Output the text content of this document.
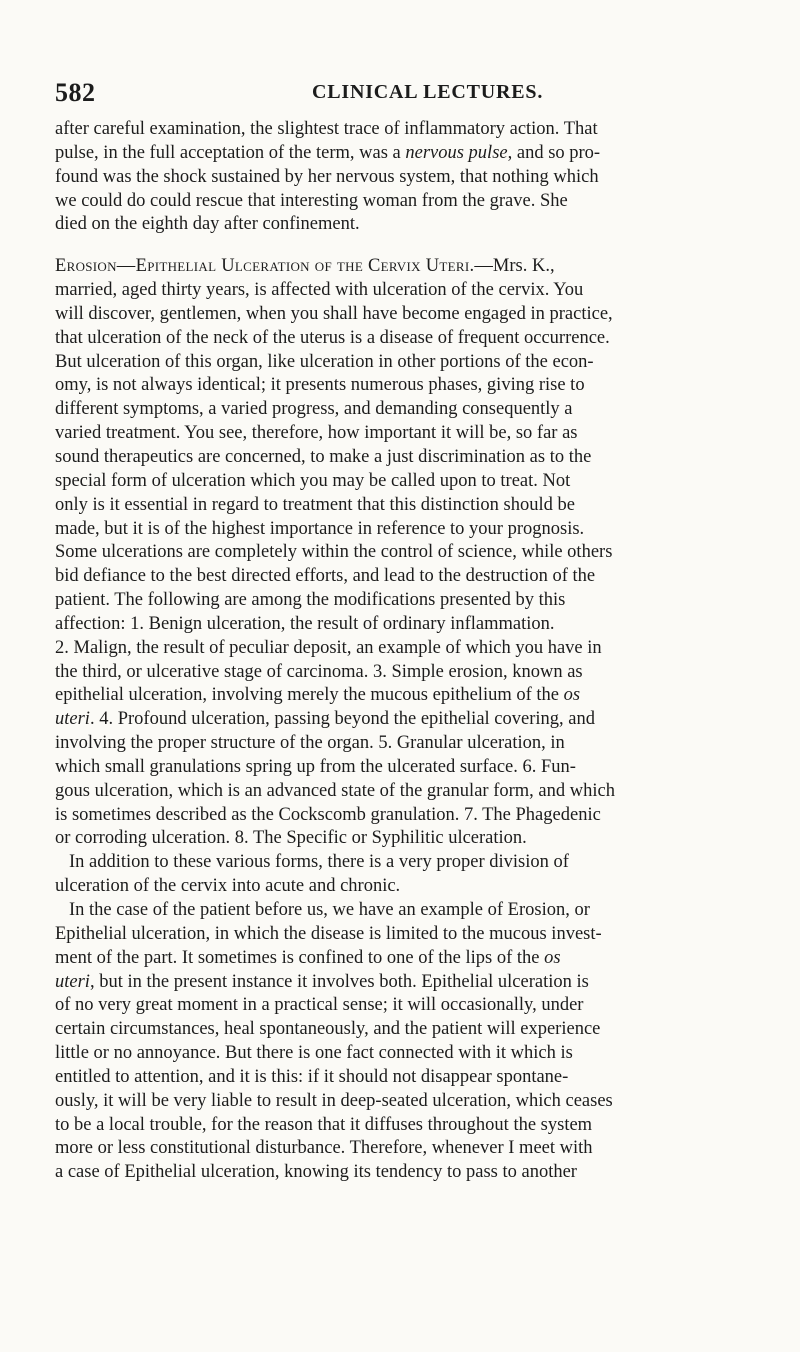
582	CLINICAL LECTURES.
after careful examination, the slightest trace of inflammatory action. That
pulse, in the full acceptation of the term, was a nervous pulse, and so pro-
found was the shock sustained by her nervous system, that nothing which
we could do could rescue that interesting woman from the grave. She
died on the eighth day after confinement.
Erosion—Epithelial Ulceration of the Cervix Uteri.—Mrs. K.,
married, aged thirty years, is affected with ulceration of the cervix. You
will discover, gentlemen, when you shall have become engaged in practice,
that ulceration of the neck of the uterus is a disease of frequent occurrence.
But ulceration of this organ, like ulceration in other portions of the econ-
omy, is not always identical; it presents numerous phases, giving rise to
different symptoms, a varied progress, and demanding consequently a
varied treatment. You see, therefore, how important it will be, so far as
sound therapeutics are concerned, to make a just discrimination as to the
special form of ulceration which you may be called upon to treat. Not
only is it essential in regard to treatment that this distinction should be
made, but it is of the highest importance in reference to your prognosis.
Some ulcerations are completely within the control of science, while others
bid defiance to the best directed efforts, and lead to the destruction of the
patient. The following are among the modifications presented by this
affection: 1. Benign ulceration, the result of ordinary inflammation.
2. Malign, the result of peculiar deposit, an example of which you have in
the third, or ulcerative stage of carcinoma. 3. Simple erosion, known as
epithelial ulceration, involving merely the mucous epithelium of the os
uteri. 4. Profound ulceration, passing beyond the epithelial covering, and
involving the proper structure of the organ. 5. Granular ulceration, in
which small granulations spring up from the ulcerated surface. 6. Fun-
gous ulceration, which is an advanced state of the granular form, and which
is sometimes described as the Cockscomb granulation. 7. The Phagedenic
or corroding ulceration. 8. The Specific or Syphilitic ulceration.
In addition to these various forms, there is a very proper division of
ulceration of the cervix into acute and chronic.
In the case of the patient before us, we have an example of Erosion, or
Epithelial ulceration, in which the disease is limited to the mucous invest-
ment of the part. It sometimes is confined to one of the lips of the os
uteri, but in the present instance it involves both. Epithelial ulceration is
of no very great moment in a practical sense; it will occasionally, under
certain circumstances, heal spontaneously, and the patient will experience
little or no annoyance. But there is one fact connected with it which is
entitled to attention, and it is this: if it should not disappear spontane-
ously, it will be very liable to result in deep-seated ulceration, which ceases
to be a local trouble, for the reason that it diffuses throughout the system
more or less constitutional disturbance. Therefore, whenever I meet with
a case of Epithelial ulceration, knowing its tendency to pass to another
